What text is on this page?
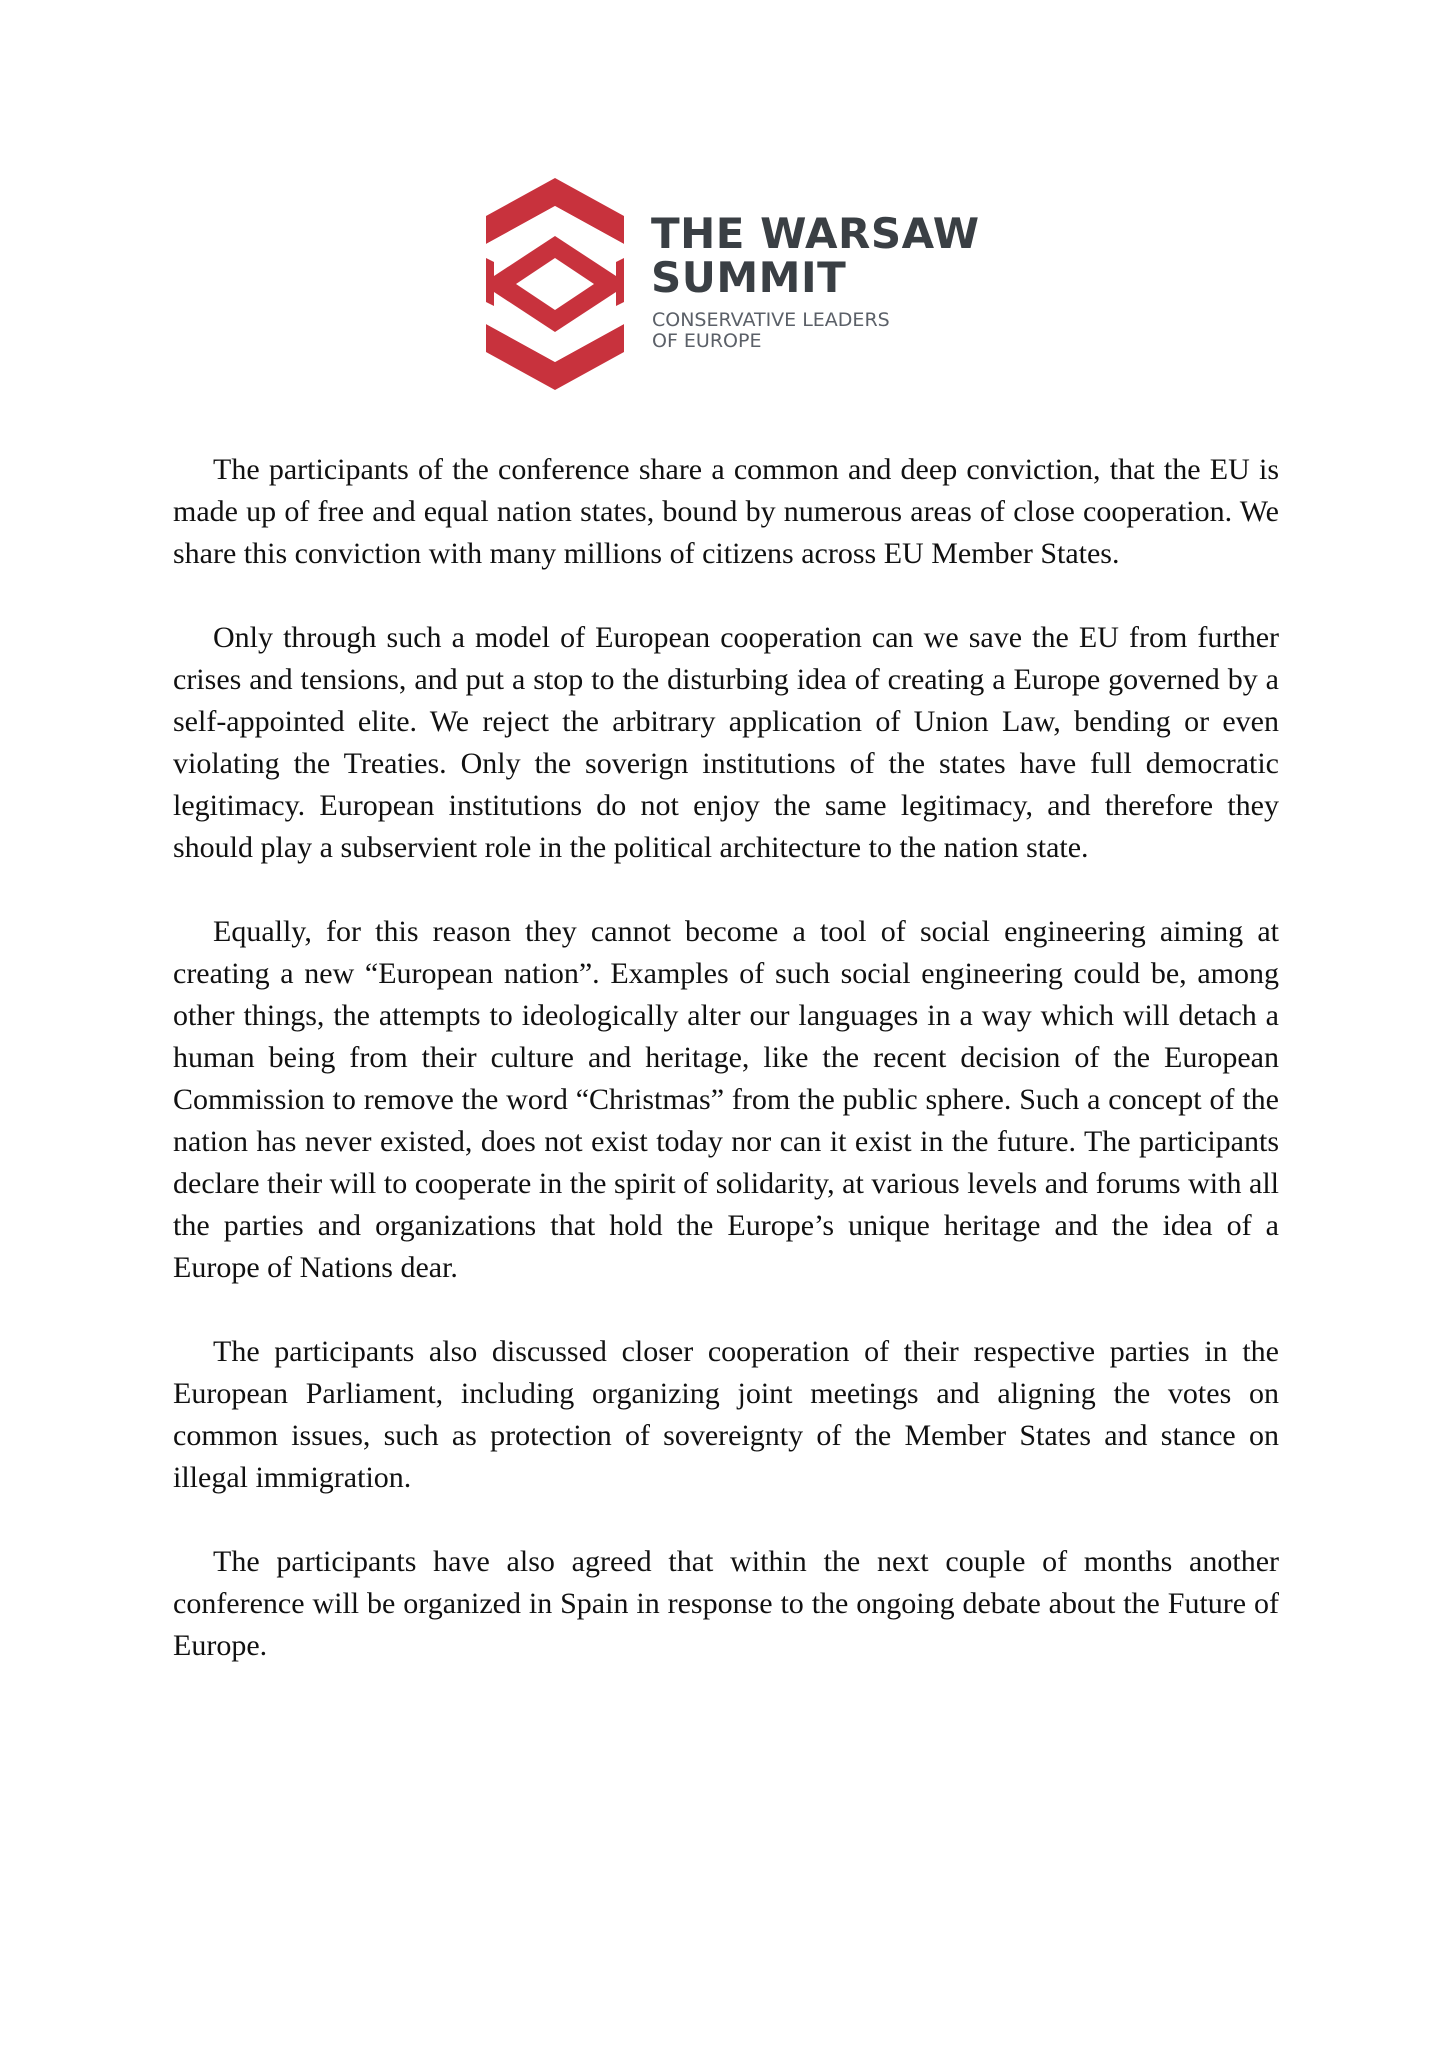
THE WARSAW
SUMMIT
CONSERVATIVE LEADERS
OF EUROPE

The participants of the conference share a common and deep conviction, that the EU is made up of free and equal nation states, bound by numerous areas of close cooperation. We share this conviction with many millions of citizens across EU Member States.

Only through such a model of European cooperation can we save the EU from further crises and tensions, and put a stop to the disturbing idea of creating a Europe governed by a self-appointed elite. We reject the arbitrary application of Union Law, bending or even violating the Treaties. Only the soverign institutions of the states have full democratic legitimacy. European institutions do not enjoy the same legitimacy, and therefore they should play a subservient role in the political architecture to the nation state.

Equally, for this reason they cannot become a tool of social engineering aiming at creating a new “European nation”. Examples of such social engineering could be, among other things, the attempts to ideologically alter our languages in a way which will detach a human being from their culture and heritage, like the recent decision of the European Commission to remove the word “Christmas” from the public sphere. Such a concept of the nation has never existed, does not exist today nor can it exist in the future. The participants declare their will to cooperate in the spirit of solidarity, at various levels and forums with all the parties and organizations that hold the Europe’s unique heritage and the idea of a Europe of Nations dear.

The participants also discussed closer cooperation of their respective parties in the European Parliament, including organizing joint meetings and aligning the votes on common issues, such as protection of sovereignty of the Member States and stance on illegal immigration.

The participants have also agreed that within the next couple of months another conference will be organized in Spain in response to the ongoing debate about the Future of Europe.
